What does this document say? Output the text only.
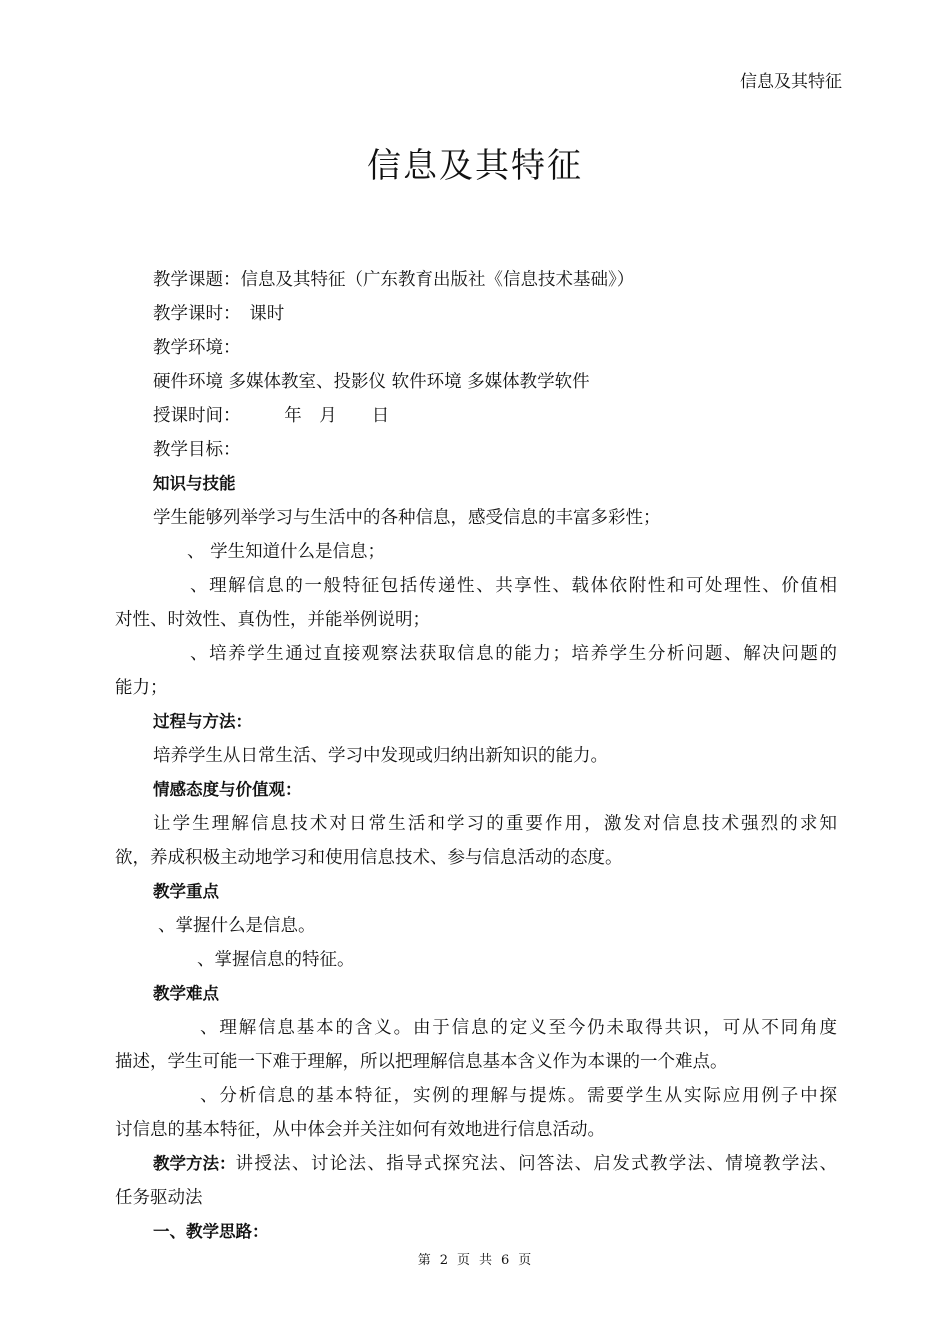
信息及其特征
信息及其特征
教学课题：信息及其特征（广东教育出版社《信息技术基础》）
教学课时：　课时
教学环境：
硬件环境 多媒体教室、投影仪 软件环境 多媒体教学软件
授课时间：　　　年　月　　日
教学目标：
知识与技能
学生能够列举学习与生活中的各种信息，感受信息的丰富多彩性；
、 学生知道什么是信息；
、理解信息的一般特征包括传递性、共享性、载体依附性和可处理性、价值相
对性、时效性、真伪性，并能举例说明；
、培养学生通过直接观察法获取信息的能力；培养学生分析问题、解决问题的
能力；
过程与方法：
培养学生从日常生活、学习中发现或归纳出新知识的能力。
情感态度与价值观：
让学生理解信息技术对日常生活和学习的重要作用，激发对信息技术强烈的求知
欲，养成积极主动地学习和使用信息技术、参与信息活动的态度。
教学重点
、掌握什么是信息。
、掌握信息的特征。
教学难点
、理解信息基本的含义。由于信息的定义至今仍未取得共识，可从不同角度
描述，学生可能一下难于理解，所以把理解信息基本含义作为本课的一个难点。
、分析信息的基本特征，实例的理解与提炼。需要学生从实际应用例子中探
讨信息的基本特征，从中体会并关注如何有效地进行信息活动。
教学方法： 讲授法、讨论法、指导式探究法、问答法、启发式教学法、情境教学法、
任务驱动法
一、教学思路：
第 2 页 共 6 页
